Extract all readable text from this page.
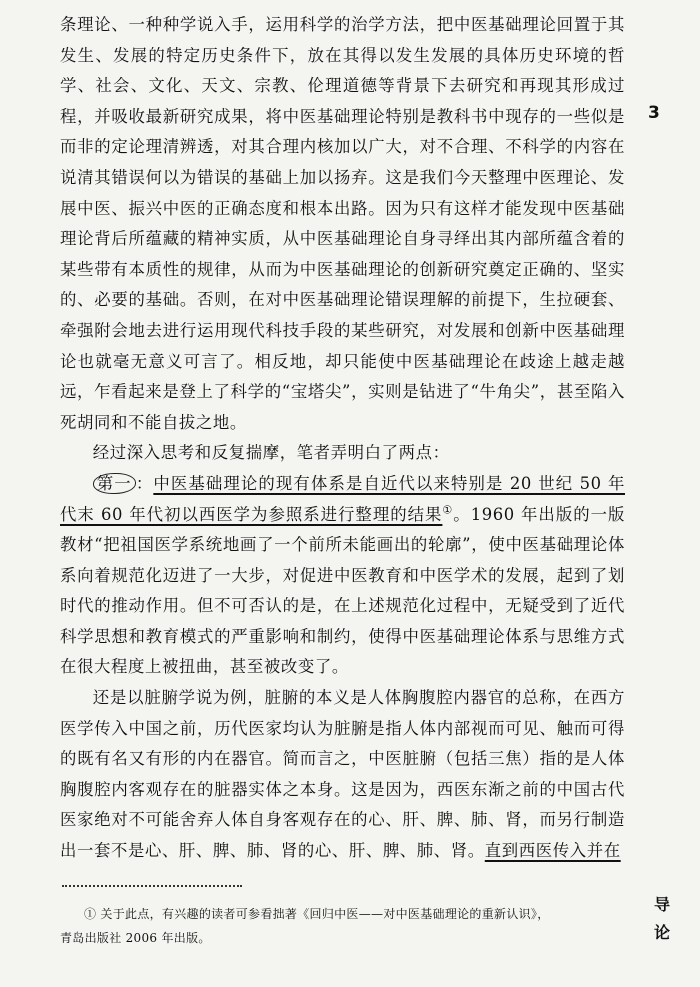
条理论、一种种学说入手，运用科学的治学方法，把中医基础理论回置于其发生、发展的特定历史条件下，放在其得以发生发展的具体历史环境的哲学、社会、文化、天文、宗教、伦理道德等背景下去研究和再现其形成过程，并吸收最新研究成果，将中医基础理论特别是教科书中现存的一些似是而非的定论理清辨透，对其合理内核加以广大，对不合理、不科学的内容在说清其错误何以为错误的基础上加以扬弃。这是我们今天整理中医理论、发展中医、振兴中医的正确态度和根本出路。因为只有这样才能发现中医基础理论背后所蕴藏的精神实质，从中医基础理论自身寻绎出其内部所蕴含着的某些带有本质性的规律，从而为中医基础理论的创新研究奠定正确的、坚实的、必要的基础。否则，在对中医基础理论错误理解的前提下，生拉硬套、牵强附会地去进行运用现代科技手段的某些研究，对发展和创新中医基础理论也就毫无意义可言了。相反地，却只能使中医基础理论在歧途上越走越远，乍看起来是登上了科学的“宝塔尖”，实则是钻进了“牛角尖”，甚至陷入死胡同和不能自拔之地。

经过深入思考和反复揣摩，笔者弄明白了两点：

第一 ：中医基础理论的现有体系是自近代以来特别是 20 世纪 50 年代末 60 年代初以西医学为参照系进行整理的结果①。1960 年出版的一版教材“把祖国医学系统地画了一个前所未能画出的轮廓”，使中医基础理论体系向着规范化迈进了一大步，对促进中医教育和中医学术的发展，起到了划时代的推动作用。但不可否认的是，在上述规范化过程中，无疑受到了近代科学思想和教育模式的严重影响和制约，使得中医基础理论体系与思维方式在很大程度上被扭曲，甚至被改变了。

还是以脏腑学说为例，脏腑的本义是人体胸腹腔内器官的总称，在西方医学传入中国之前，历代医家均认为脏腑是指人体内部视而可见、触而可得的既有名又有形的内在器官。简而言之，中医脏腑（包括三焦）指的是人体胸腹腔内客观存在的脏器实体之本身。这是因为，西医东渐之前的中国古代医家绝对不可能舍弃人体自身客观存在的心、肝、脾、肺、肾，而另行制造出一套不是心、肝、脾、肺、肾的心、肝、脾、肺、肾。直到西医传入并在

3

① 关于此点，有兴趣的读者可参看拙著《回归中医——对中医基础理论的重新认识》，

青岛出版社 2006 年出版。

导
论
